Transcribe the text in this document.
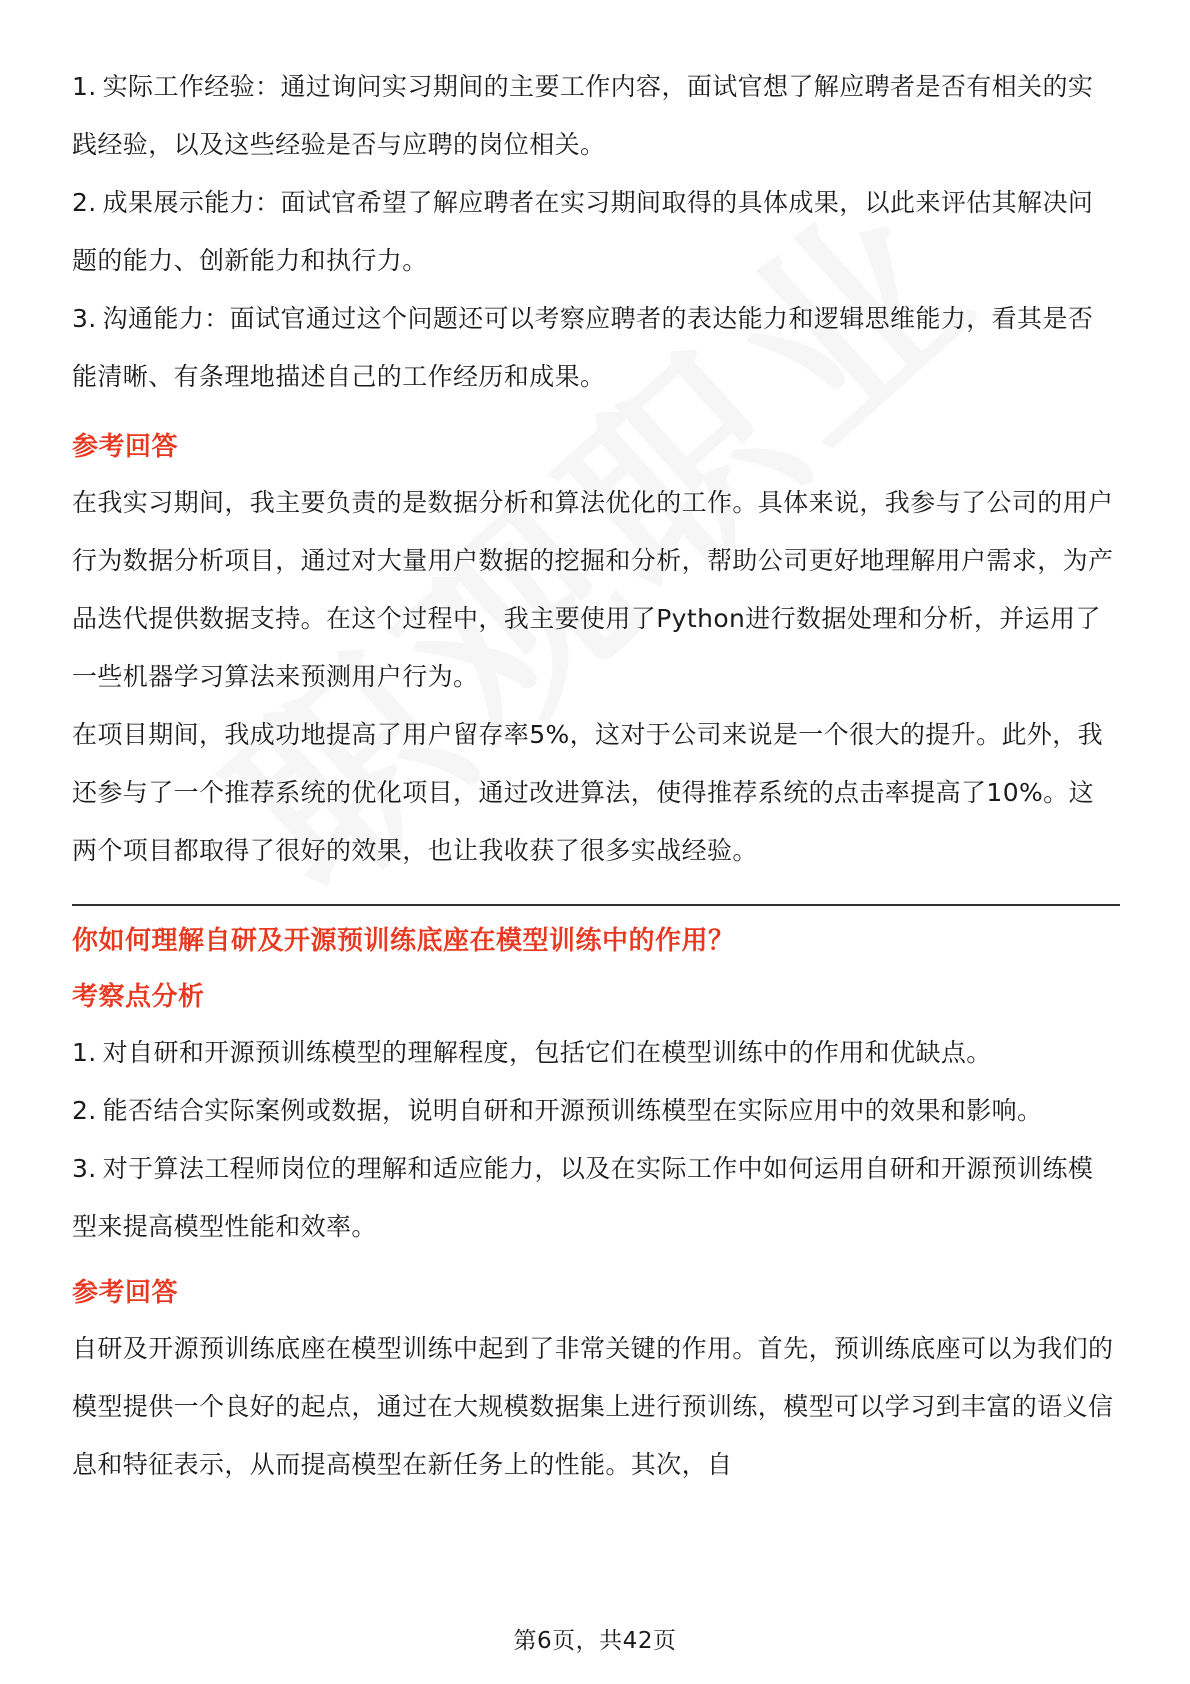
1. 实际工作经验：通过询问实习期间的主要工作内容，面试官想了解应聘者是否有相关的实践经验，以及这些经验是否与应聘的岗位相关。

2. 成果展示能力：面试官希望了解应聘者在实习期间取得的具体成果，以此来评估其解决问题的能力、创新能力和执行力。

3. 沟通能力：面试官通过这个问题还可以考察应聘者的表达能力和逻辑思维能力，看其是否能清晰、有条理地描述自己的工作经历和成果。

参考回答

在我实习期间，我主要负责的是数据分析和算法优化的工作。具体来说，我参与了公司的用户行为数据分析项目，通过对大量用户数据的挖掘和分析，帮助公司更好地理解用户需求，为产品迭代提供数据支持。在这个过程中，我主要使用了Python进行数据处理和分析，并运用了一些机器学习算法来预测用户行为。

在项目期间，我成功地提高了用户留存率5%，这对于公司来说是一个很大的提升。此外，我还参与了一个推荐系统的优化项目，通过改进算法，使得推荐系统的点击率提高了10%。这两个项目都取得了很好的效果，也让我收获了很多实战经验。

你如何理解自研及开源预训练底座在模型训练中的作用？
考察点分析

1. 对自研和开源预训练模型的理解程度，包括它们在模型训练中的作用和优缺点。

2. 能否结合实际案例或数据，说明自研和开源预训练模型在实际应用中的效果和影响。

3. 对于算法工程师岗位的理解和适应能力，以及在实际工作中如何运用自研和开源预训练模型来提高模型性能和效率。

参考回答

自研及开源预训练底座在模型训练中起到了非常关键的作用。首先，预训练底座可以为我们的模型提供一个良好的起点，通过在大规模数据集上进行预训练，模型可以学习到丰富的语义信息和特征表示，从而提高模型在新任务上的性能。其次，自

第6页，共42页
